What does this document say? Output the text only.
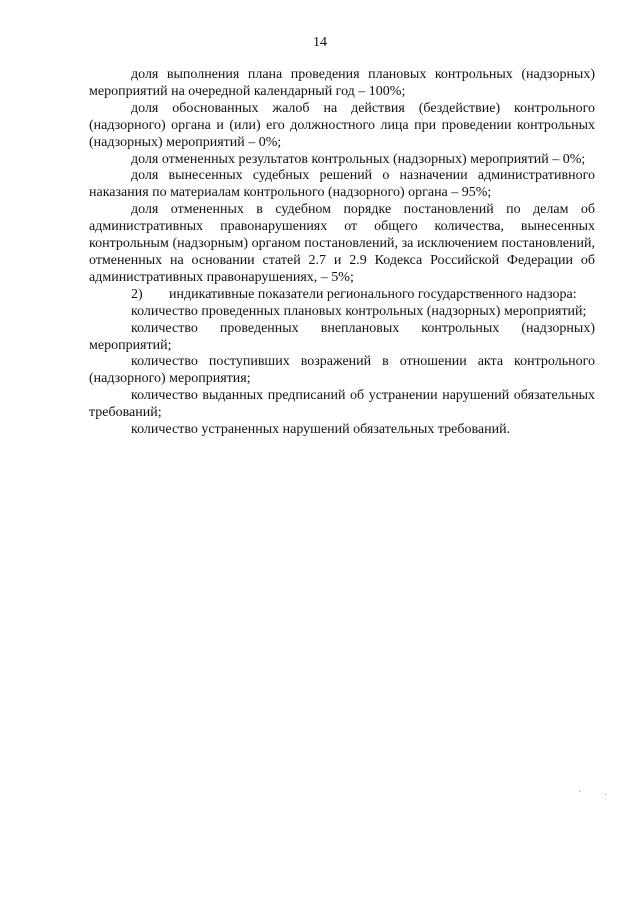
14

доля выполнения плана проведения плановых контрольных (надзорных) мероприятий на очередной календарный год – 100%;

доля обоснованных жалоб на действия (бездействие) контрольного (надзорного) органа и (или) его должностного лица при проведении контрольных (надзорных) мероприятий – 0%;

доля отмененных результатов контрольных (надзорных) мероприятий – 0%;

доля вынесенных судебных решений о назначении административного наказания по материалам контрольного (надзорного) органа – 95%;

доля отмененных в судебном порядке постановлений по делам об административных правонарушениях от общего количества, вынесенных контрольным (надзорным) органом постановлений, за исключением постановлений, отмененных на основании статей 2.7 и 2.9 Кодекса Российской Федерации об административных правонарушениях, – 5%;

2) индикативные показатели регионального государственного надзора:

количество проведенных плановых контрольных (надзорных) мероприятий;

количество проведенных внеплановых контрольных (надзорных) мероприятий;

количество поступивших возражений в отношении акта контрольного (надзорного) мероприятия;

количество выданных предписаний об устранении нарушений обязательных требований;

количество устраненных нарушений обязательных требований.
